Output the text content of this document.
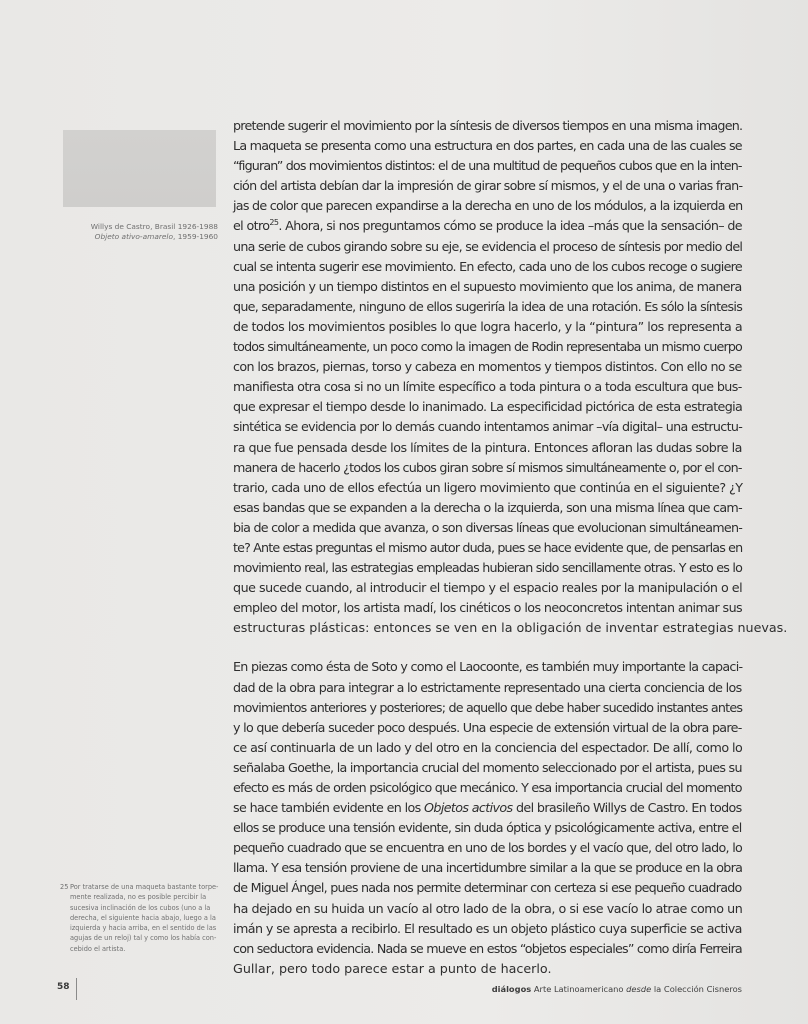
Willys de Castro, Brasil 1926-1988
Objeto ativo-amarelo, 1959-1960
pretende sugerir el movimiento por la síntesis de diversos tiempos en una misma imagen.
La maqueta se presenta como una estructura en dos partes, en cada una de las cuales se
“figuran” dos movimientos distintos: el de una multitud de pequeños cubos que en la inten-
ción del artista debían dar la impresión de girar sobre sí mismos, y el de una o varias fran-
jas de color que parecen expandirse a la derecha en uno de los módulos, a la izquierda en
el otro$^{25}$. Ahora, si nos preguntamos cómo se produce la idea –más que la sensación– de
una serie de cubos girando sobre su eje, se evidencia el proceso de síntesis por medio del
cual se intenta sugerir ese movimiento. En efecto, cada uno de los cubos recoge o sugiere
una posición y un tiempo distintos en el supuesto movimiento que los anima, de manera
que, separadamente, ninguno de ellos sugeriría la idea de una rotación. Es sólo la síntesis
de todos los movimientos posibles lo que logra hacerlo, y la “pintura” los representa a
todos simultáneamente, un poco como la imagen de Rodin representaba un mismo cuerpo
con los brazos, piernas, torso y cabeza en momentos y tiempos distintos. Con ello no se
manifiesta otra cosa si no un límite específico a toda pintura o a toda escultura que bus-
que expresar el tiempo desde lo inanimado. La especificidad pictórica de esta estrategia
sintética se evidencia por lo demás cuando intentamos animar –vía digital– una estructu-
ra que fue pensada desde los límites de la pintura. Entonces afloran las dudas sobre la
manera de hacerlo ¿todos los cubos giran sobre sí mismos simultáneamente o, por el con-
trario, cada uno de ellos efectúa un ligero movimiento que continúa en el siguiente? ¿Y
esas bandas que se expanden a la derecha o la izquierda, son una misma línea que cam-
bia de color a medida que avanza, o son diversas líneas que evolucionan simultáneamen-
te? Ante estas preguntas el mismo autor duda, pues se hace evidente que, de pensarlas en
movimiento real, las estrategias empleadas hubieran sido sencillamente otras. Y esto es lo
que sucede cuando, al introducir el tiempo y el espacio reales por la manipulación o el
empleo del motor, los artista madí, los cinéticos o los neoconcretos intentan animar sus
estructuras plásticas: entonces se ven en la obligación de inventar estrategias nuevas.
En piezas como ésta de Soto y como el Laocoonte, es también muy importante la capaci-
dad de la obra para integrar a lo estrictamente representado una cierta conciencia de los
movimientos anteriores y posteriores; de aquello que debe haber sucedido instantes antes
y lo que debería suceder poco después. Una especie de extensión virtual de la obra pare-
ce así continuarla de un lado y del otro en la conciencia del espectador. De allí, como lo
señalaba Goethe, la importancia crucial del momento seleccionado por el artista, pues su
efecto es más de orden psicológico que mecánico. Y esa importancia crucial del momento
se hace también evidente en los Objetos activos del brasileño Willys de Castro. En todos
ellos se produce una tensión evidente, sin duda óptica y psicológicamente activa, entre el
pequeño cuadrado que se encuentra en uno de los bordes y el vacío que, del otro lado, lo
llama. Y esa tensión proviene de una incertidumbre similar a la que se produce en la obra
de Miguel Ángel, pues nada nos permite determinar con certeza si ese pequeño cuadrado
ha dejado en su huida un vacío al otro lado de la obra, o si ese vacío lo atrae como un
imán y se apresta a recibirlo. El resultado es un objeto plástico cuya superficie se activa
con seductora evidencia. Nada se mueve en estos “objetos especiales” como diría Ferreira
Gullar, pero todo parece estar a punto de hacerlo.
25 Por tratarse de una maqueta bastante torpe-
mente realizada, no es posible percibir la
sucesiva inclinación de los cubos (uno a la
derecha, el siguiente hacia abajo, luego a la
izquierda y hacia arriba, en el sentido de las
agujas de un reloj) tal y como los había con-
cebido el artista.
58	diálogos Arte Latinoamericano desde la Colección Cisneros
